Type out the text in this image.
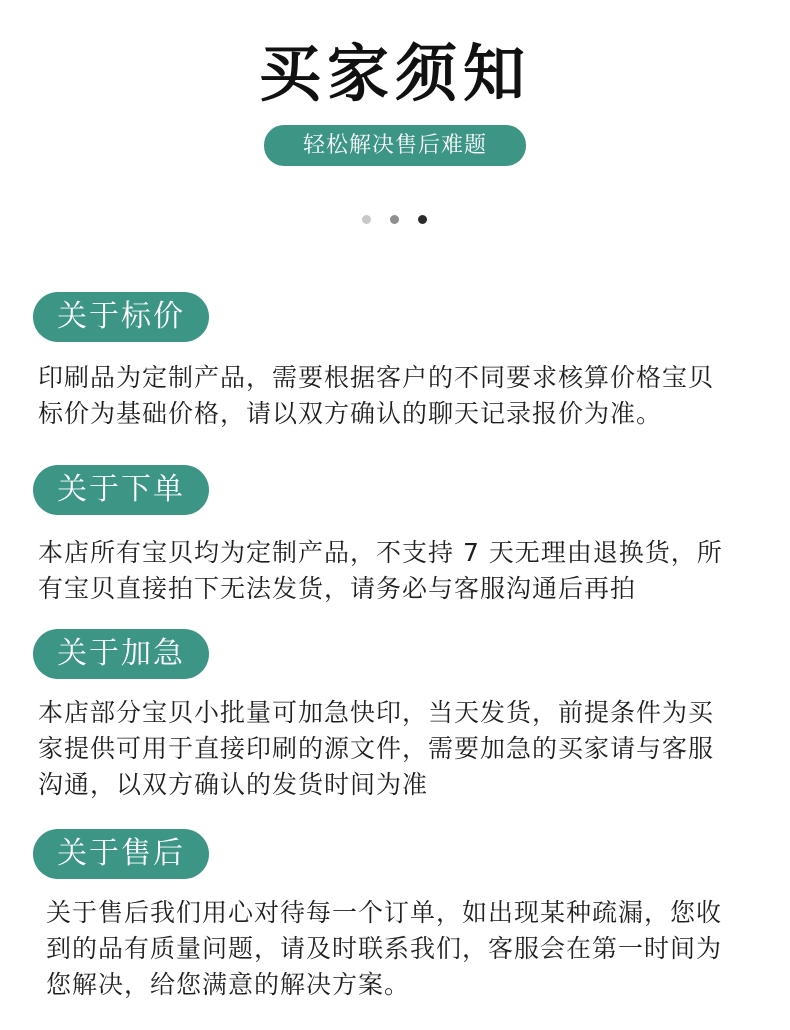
买家须知
轻松解决售后难题
关于标价
印刷品为定制产品，需要根据客户的不同要求核算价格宝贝
标价为基础价格，请以双方确认的聊天记录报价为准。
关于下单
本店所有宝贝均为定制产品，不支持 7 天无理由退换货，所
有宝贝直接拍下无法发货，请务必与客服沟通后再拍
关于加急
本店部分宝贝小批量可加急快印，当天发货，前提条件为买
家提供可用于直接印刷的源文件，需要加急的买家请与客服
沟通，以双方确认的发货时间为准
关于售后
关于售后我们用心对待每一个订单，如出现某种疏漏，您收
到的品有质量问题，请及时联系我们，客服会在第一时间为
您解决，给您满意的解决方案。
